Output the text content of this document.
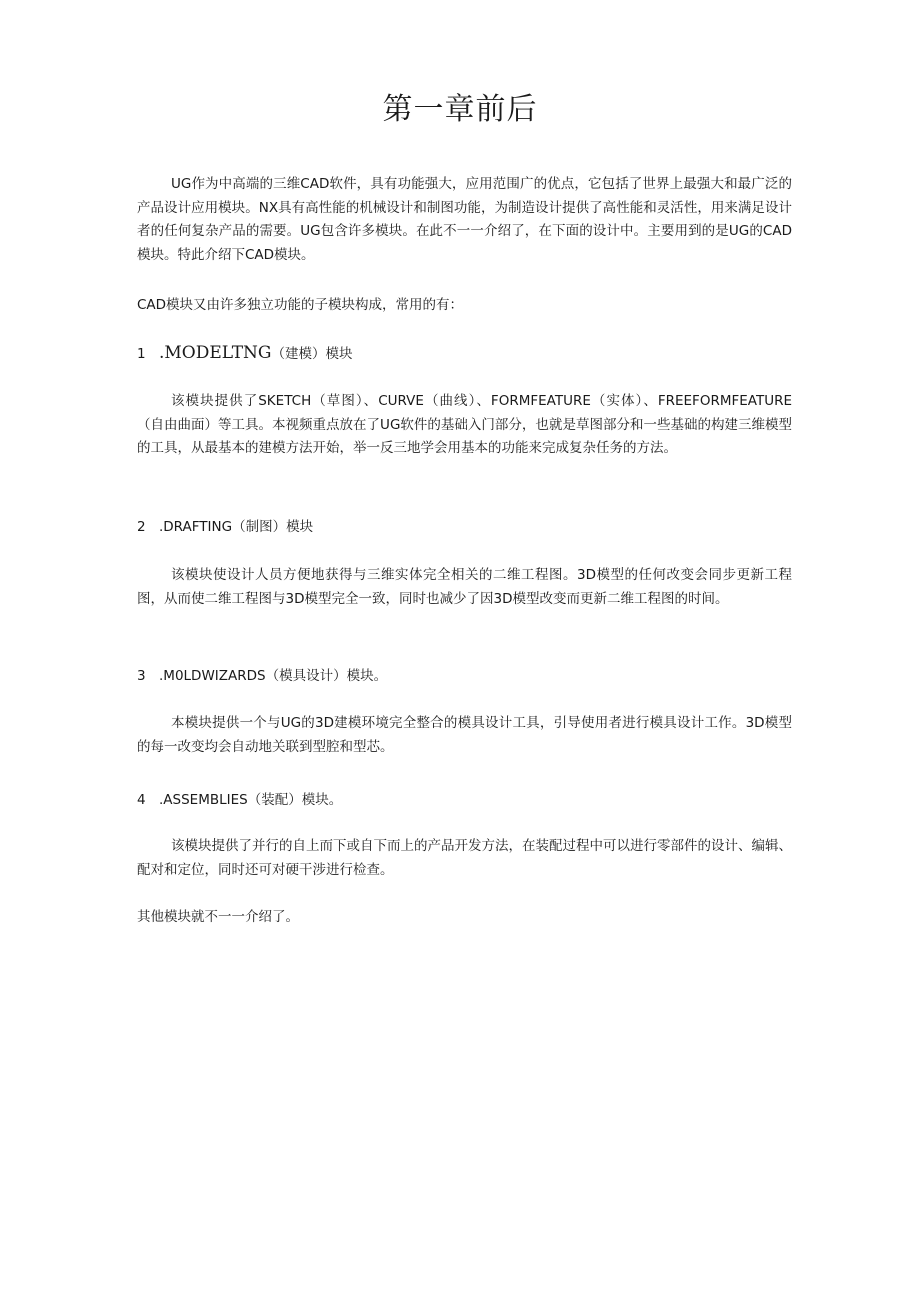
第一章前后

UG作为中高端的三维CAD软件，具有功能强大，应用范围广的优点，它包括了世界上最强大和最广泛的产品设计应用模块。NX具有高性能的机械设计和制图功能，为制造设计提供了高性能和灵活性，用来满足设计者的任何复杂产品的需要。UG包含许多模块。在此不一一介绍了，在下面的设计中。主要用到的是UG的CAD模块。特此介绍下CAD模块。

CAD模块又由许多独立功能的子模块构成，常用的有：

1 .MODELTNG（建模）模块

该模块提供了SKETCH（草图）、CURVE（曲线）、FORMFEATURE（实体）、FREEFORMFEATURE（自由曲面）等工具。本视频重点放在了UG软件的基础入门部分，也就是草图部分和一些基础的构建三维模型的工具，从最基本的建模方法开始，举一反三地学会用基本的功能来完成复杂任务的方法。

2 .DRAFTING（制图）模块

该模块使设计人员方便地获得与三维实体完全相关的二维工程图。3D模型的任何改变会同步更新工程图，从而使二维工程图与3D模型完全一致，同时也减少了因3D模型改变而更新二维工程图的时间。

3 .M0LDWIZARDS（模具设计）模块。

本模块提供一个与UG的3D建模环境完全整合的模具设计工具，引导使用者进行模具设计工作。3D模型的每一改变均会自动地关联到型腔和型芯。

4 .ASSEMBLIES（装配）模块。

该模块提供了并行的自上而下或自下而上的产品开发方法，在装配过程中可以进行零部件的设计、编辑、配对和定位，同时还可对硬干涉进行检查。

其他模块就不一一介绍了。
